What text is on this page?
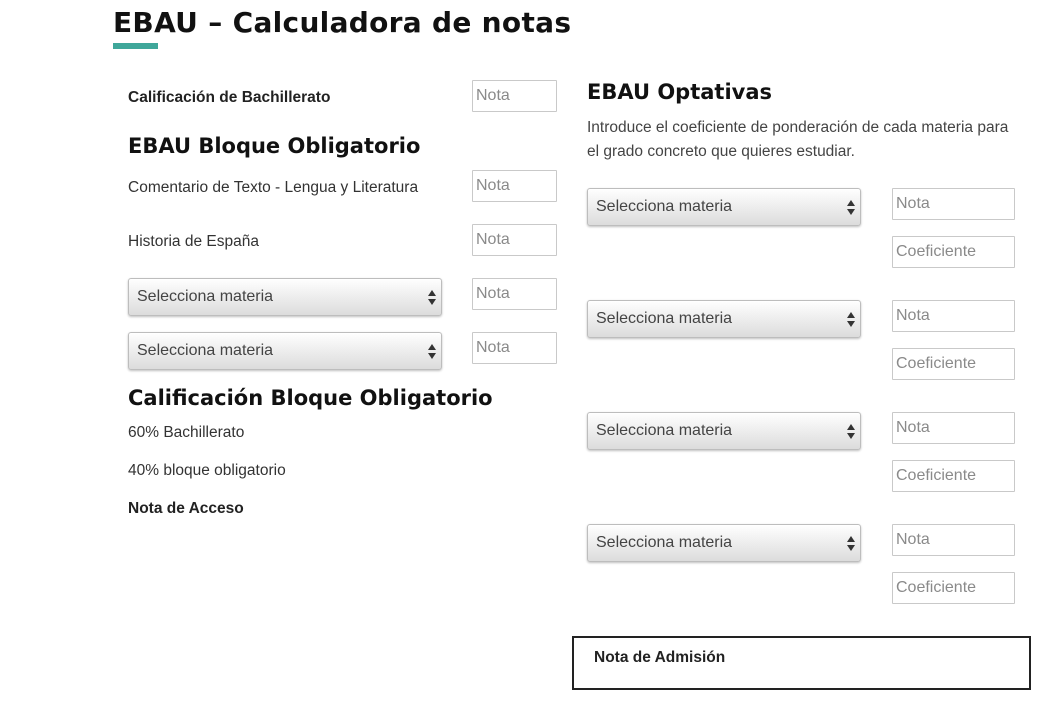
EBAU – Calculadora de notas
Calificación de Bachillerato
Nota
EBAU Bloque Obligatorio
Comentario de Texto - Lengua y Literatura
Nota
Historia de España
Nota
Selecciona materia
Nota
Selecciona materia
Nota
Calificación Bloque Obligatorio
60% Bachillerato
40% bloque obligatorio
Nota de Acceso
EBAU Optativas
Introduce el coeficiente de ponderación de cada materia para el grado concreto que quieres estudiar.
Selecciona materia
Nota
Coeficiente
Selecciona materia
Nota
Coeficiente
Selecciona materia
Nota
Coeficiente
Selecciona materia
Nota
Coeficiente
Nota de Admisión
